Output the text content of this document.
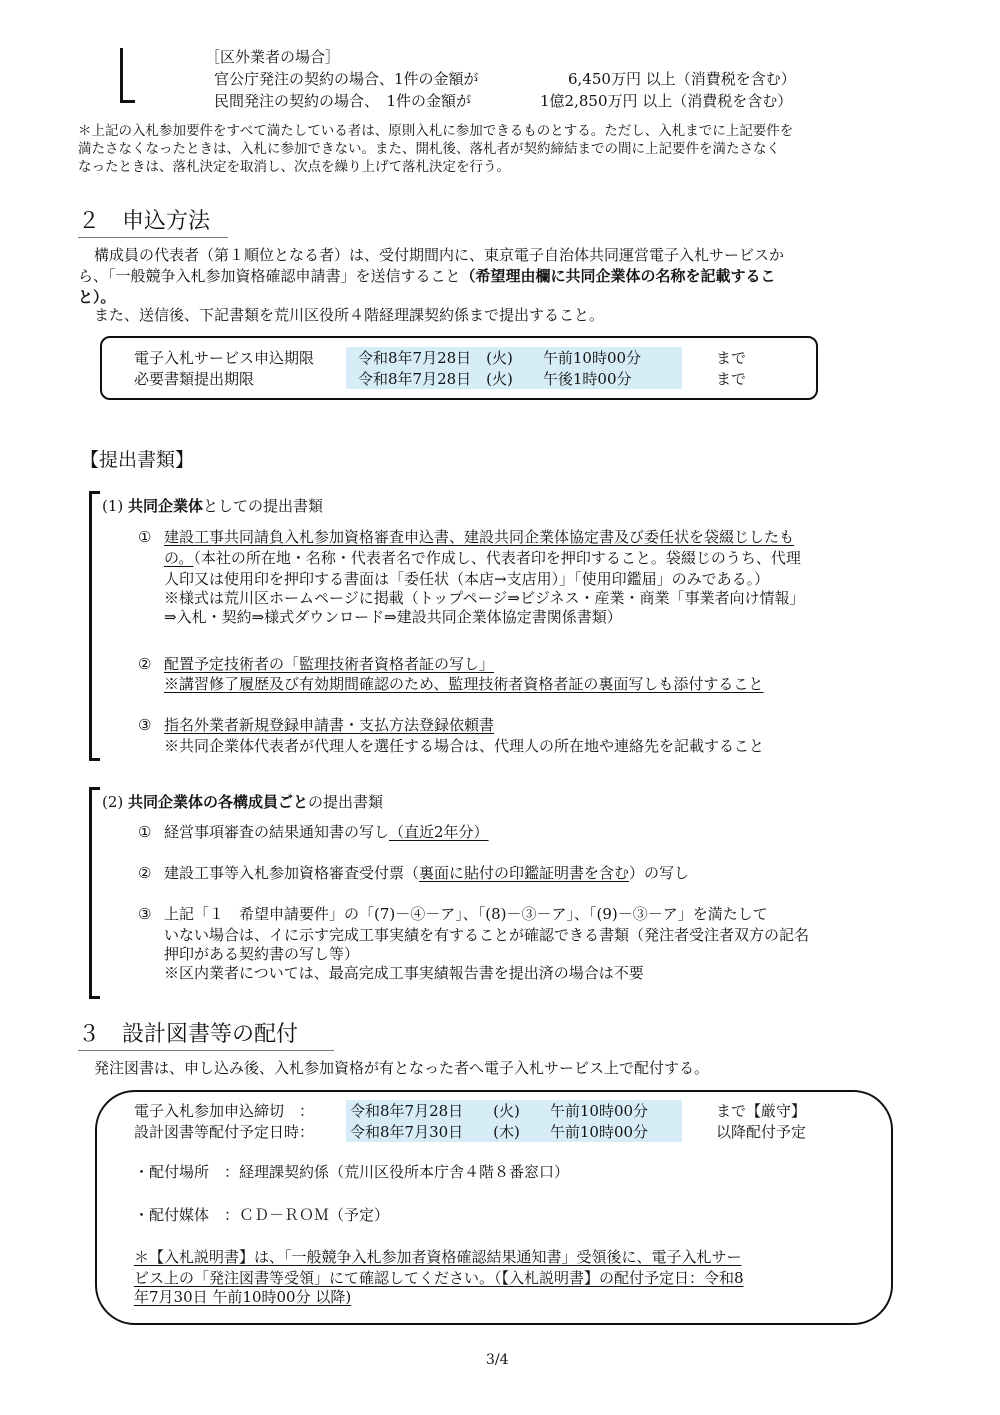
［区外業者の場合］
官公庁発注の契約の場合、1件の金額が	6,450万円 以上（消費税を含む）
民間発注の契約の場合、　1件の金額が	1億2,850万円 以上（消費税を含む）
＊上記の入札参加要件をすべて満たしている者は、原則入札に参加できるものとする。ただし、入札までに上記要件を
満たさなくなったときは、入札に参加できない。また、開札後、落札者が契約締結までの間に上記要件を満たさなく
なったときは、落札決定を取消し、次点を繰り上げて落札決定を行う。
２　申込方法
構成員の代表者（第１順位となる者）は、受付期間内に、東京電子自治体共同運営電子入札サービスか
ら、「一般競争入札参加資格確認申請書」を送信すること（希望理由欄に共同企業体の名称を記載するこ
と）。
また、送信後、下記書類を荒川区役所４階経理課契約係まで提出すること。
電子入札サービス申込期限	令和8年7月28日　(火)　　午前10時00分	まで
必要書類提出期限	令和8年7月28日　(火)　　午後1時00分	まで
【提出書類】
(1) 共同企業体としての提出書類
① 建設工事共同請負入札参加資格審査申込書、建設共同企業体協定書及び委任状を袋綴じしたも
の。（本社の所在地・名称・代表者名で作成し、代表者印を押印すること。袋綴じのうち、代理
人印又は使用印を押印する書面は「委任状（本店→支店用）」「使用印鑑届」のみである。）
※様式は荒川区ホームページに掲載（トップページ⇒ビジネス・産業・商業「事業者向け情報」
⇒入札・契約⇒様式ダウンロード⇒建設共同企業体協定書関係書類）
② 配置予定技術者の「監理技術者資格者証の写し」
※講習修了履歴及び有効期間確認のため、監理技術者資格者証の裏面写しも添付すること
③ 指名外業者新規登録申請書・支払方法登録依頼書
※共同企業体代表者が代理人を選任する場合は、代理人の所在地や連絡先を記載すること
(2) 共同企業体の各構成員ごとの提出書類
① 経営事項審査の結果通知書の写し（直近2年分）
② 建設工事等入札参加資格審査受付票（裏面に貼付の印鑑証明書を含む）の写し
③ 上記「１　希望申請要件」の「(7)－④－ア」、「(8)－③－ア」、「(9)－③－ア」を満たして
いない場合は、イに示す完成工事実績を有することが確認できる書類（発注者受注者双方の記名
押印がある契約書の写し等）
※区内業者については、最高完成工事実績報告書を提出済の場合は不要
３　設計図書等の配付
発注図書は、申し込み後、入札参加資格が有となった者へ電子入札サービス上で配付する。
電子入札参加申込締切　： 令和8年7月28日　　(火)　　午前10時00分	まで【厳守】
設計図書等配付予定日時： 令和8年7月30日　　(木)　　午前10時00分	以降配付予定
・配付場所　：経理課契約係（荒川区役所本庁舎４階８番窓口）
・配付媒体　：ＣＤ－ＲＯＭ（予定）
＊【入札説明書】は、「一般競争入札参加者資格確認結果通知書」受領後に、電子入札サー
ビス上の「発注図書等受領」にて確認してください。（【入札説明書】の配付予定日：令和8
年7月30日 午前10時00分 以降)
3/4
